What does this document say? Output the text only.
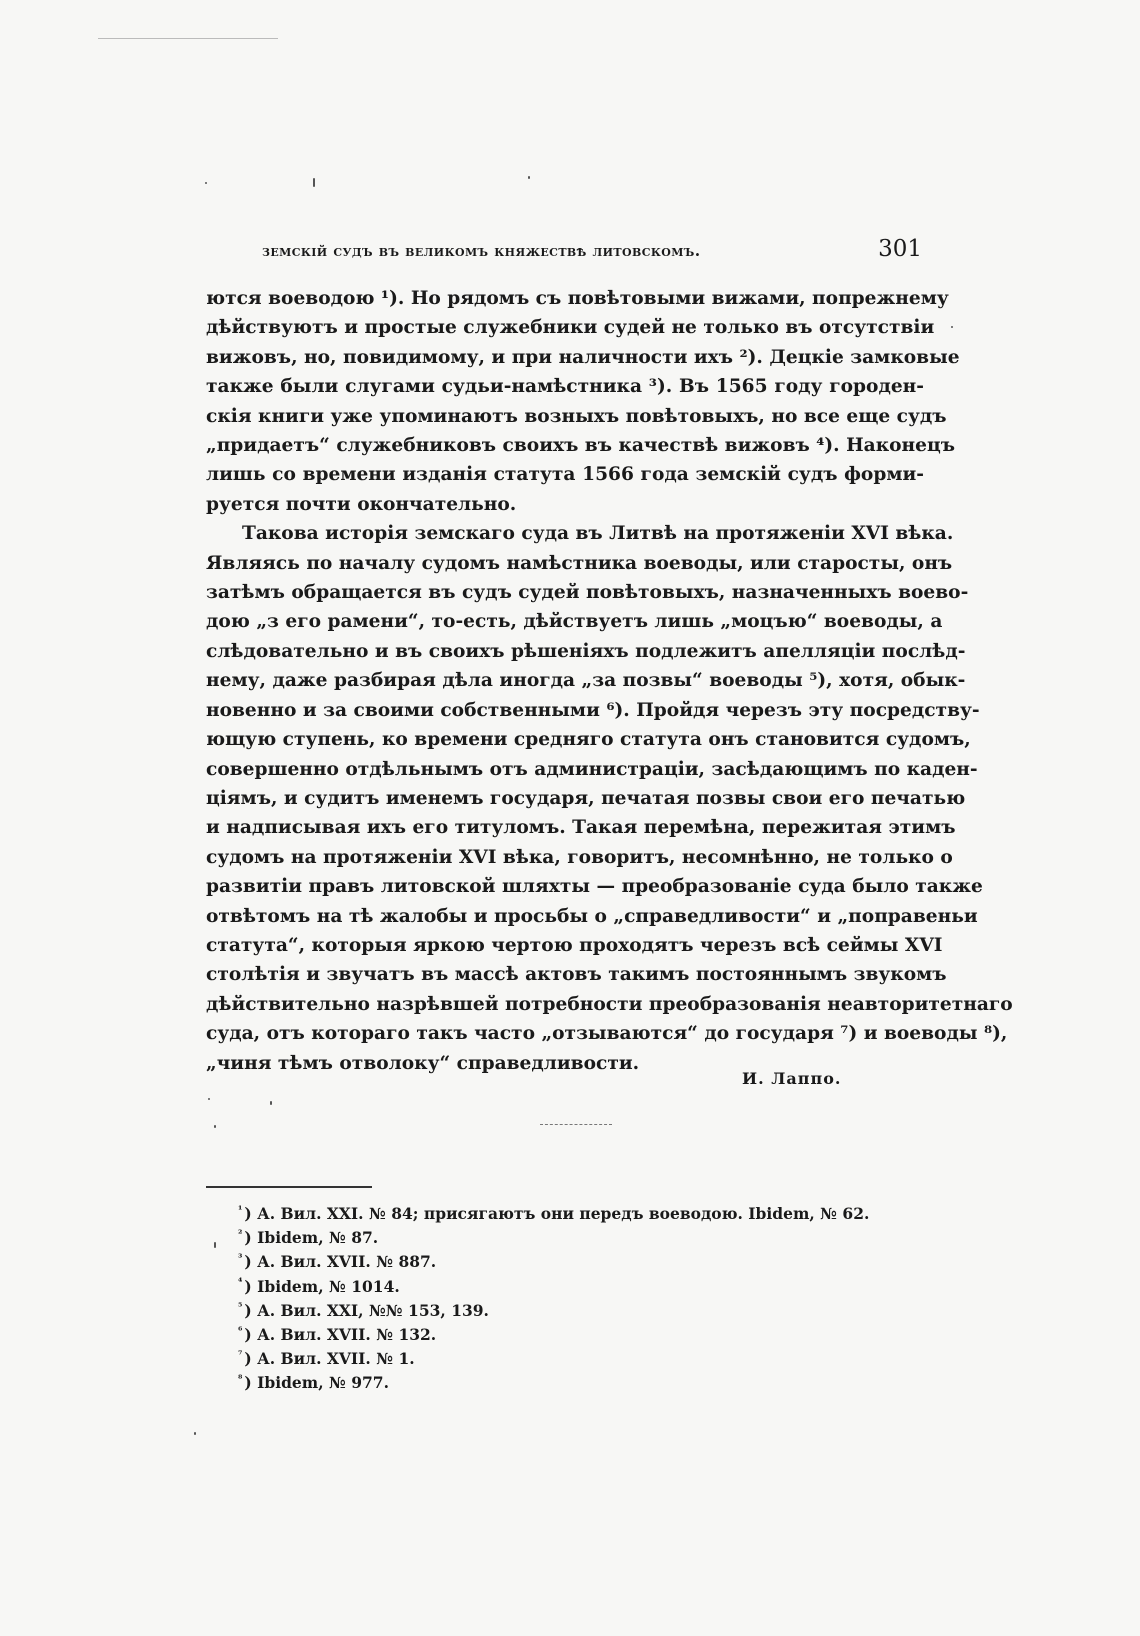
земскій судъ въ великомъ княжествѣ литовскомъ.	301
ются воеводою ¹). Но рядомъ съ повѣтовыми вижами, попрежнему
дѣйствуютъ и простые служебники судей не только въ отсутствіи
вижовъ, но, повидимому, и при наличности ихъ ²). Децкіе замковые
также были слугами судьи-намѣстника ³). Въ 1565 году городен-
скія книги уже упоминаютъ возныхъ повѣтовыхъ, но все еще судъ
„придаетъ“ служебниковъ своихъ въ качествѣ вижовъ ⁴). Наконецъ
лишь со времени изданія статута 1566 года земскій судъ форми-
руется почти окончательно.
Такова исторія земскаго суда въ Литвѣ на протяженіи XVI вѣка.
Являясь по началу судомъ намѣстника воеводы, или старосты, онъ
затѣмъ обращается въ судъ судей повѣтовыхъ, назначенныхъ воево-
дою „з его рамени“, то-есть, дѣйствуетъ лишь „моцъю“ воеводы, а
слѣдовательно и въ своихъ рѣшеніяхъ подлежитъ апелляціи послѣд-
нему, даже разбирая дѣла иногда „за позвы“ воеводы ⁵), хотя, обык-
новенно и за своими собственными ⁶). Пройдя черезъ эту посредству-
ющую ступень, ко времени средняго статута онъ становится судомъ,
совершенно отдѣльнымъ отъ администраціи, засѣдающимъ по каден-
ціямъ, и судитъ именемъ государя, печатая позвы свои его печатью
и надписывая ихъ его титуломъ. Такая перемѣна, пережитая этимъ
судомъ на протяженіи XVI вѣка, говоритъ, несомнѣнно, не только о
развитіи правъ литовской шляхты — преобразованіе суда было также
отвѣтомъ на тѣ жалобы и просьбы о „справедливости“ и „поправеньи
статута“, которыя яркою чертою проходятъ черезъ всѣ сеймы XVI
столѣтія и звучатъ въ массѣ актовъ такимъ постояннымъ звукомъ
дѣйствительно назрѣвшей потребности преобразованія неавторитетнаго
суда, отъ котораго такъ часто „отзываются“ до государя ⁷) и воеводы ⁸),
„чиня тѣмъ отволоку“ справедливости.
И. Лаппо.
$^{^1}$ ) А. Вил. XXI. № 84; присягаютъ они передъ воеводою. Ibidem, № 62.
$^{^2}$ ) Ibidem, № 87.
$^{^3}$ ) А. Вил. XVII. № 887.
$^{^4}$ ) Ibidem, № 1014.
$^{^5}$ ) А. Вил. XXI, №№ 153, 139.
$^{^6}$ ) А. Вил. XVII. № 132.
$^{^7}$ ) А. Вил. XVII. № 1.
$^{^8}$ ) Ibidem, № 977.
